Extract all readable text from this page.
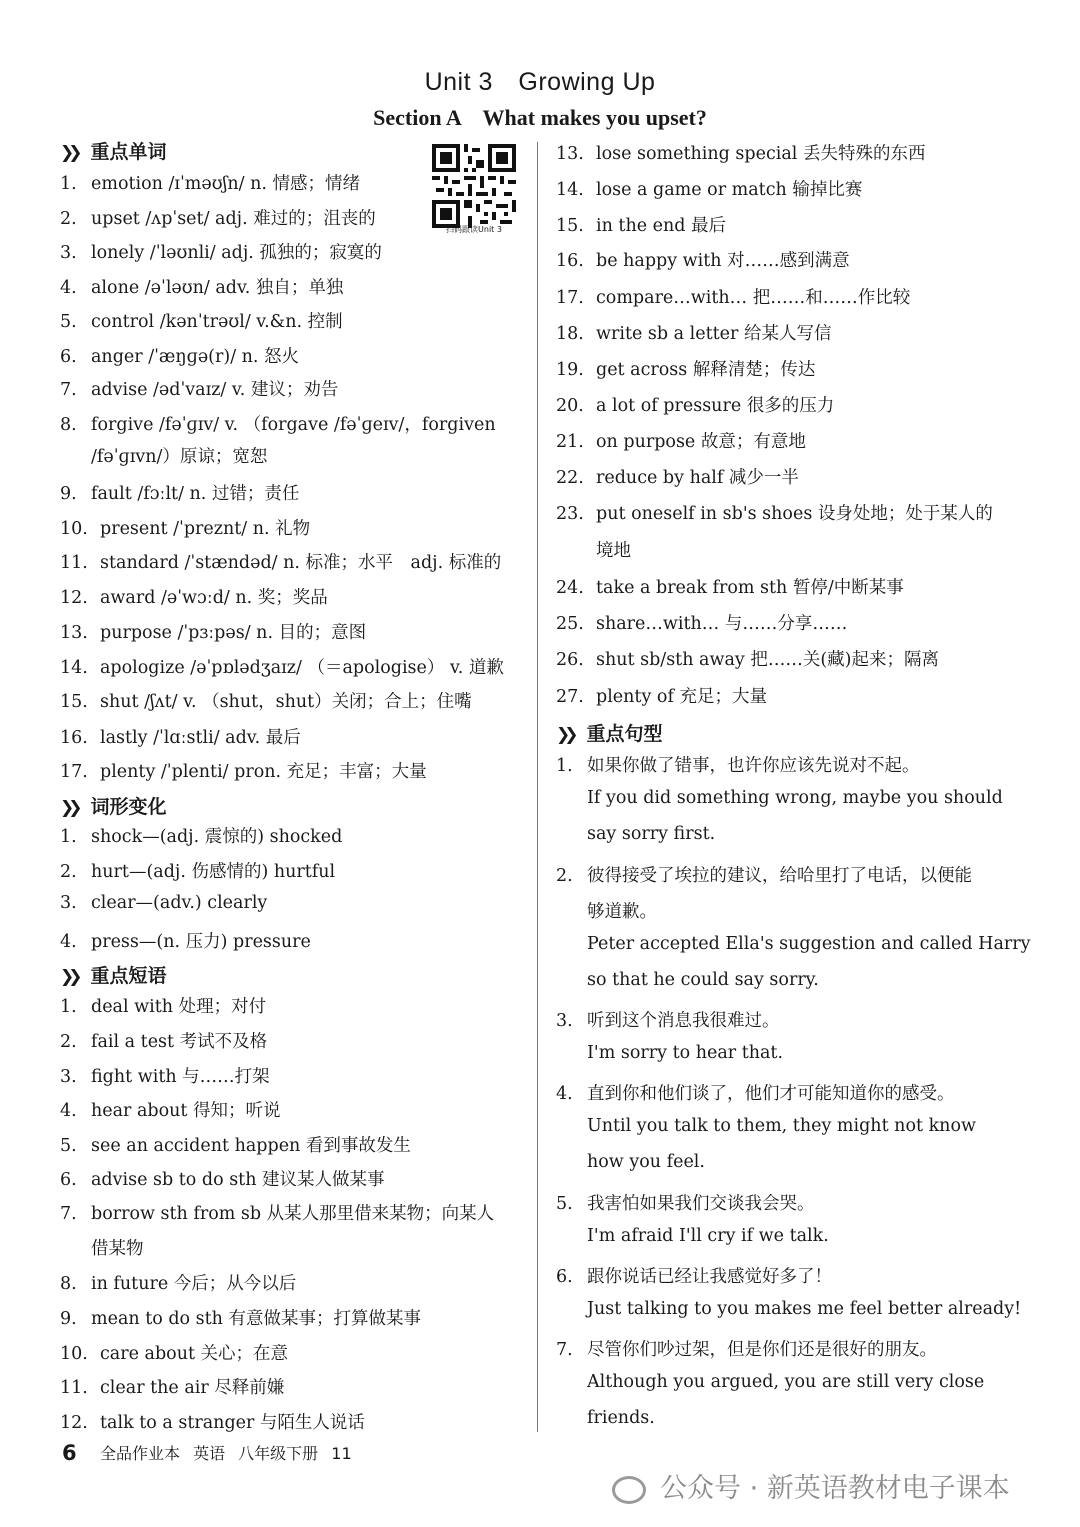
Unit 3　Growing Up
Section A　What makes you upset?
扫码跟读Unit 3
❯❯ 重点单词
1. emotion /ɪˈməʊʃn/ n. 情感；情绪
2. upset /ʌpˈset/ adj. 难过的；沮丧的
3. lonely /ˈləʊnli/ adj. 孤独的；寂寞的
4. alone /əˈləʊn/ adv. 独自；单独
5. control /kənˈtrəʊl/ v.&n. 控制
6. anger /ˈæŋɡə(r)/ n. 怒火
7. advise /ədˈvaɪz/ v. 建议；劝告
8. forgive /fəˈɡɪv/ v. （forgave /fəˈɡeɪv/，forgiven
9. fault /fɔːlt/ n. 过错；责任
10. present /ˈpreznt/ n. 礼物
11. standard /ˈstændəd/ n. 标准；水平　adj. 标准的
12. award /əˈwɔːd/ n. 奖；奖品
13. purpose /ˈpɜːpəs/ n. 目的；意图
14. apologize /əˈpɒlədʒaɪz/ （＝apologise） v. 道歉
15. shut /ʃʌt/ v. （shut，shut）关闭；合上；住嘴
16. lastly /ˈlɑːstli/ adv. 最后
17. plenty /ˈplenti/ pron. 充足；丰富；大量
/fəˈɡɪvn/）原谅；宽恕
❯❯ 词形变化
1. shock—(adj. 震惊的) shocked
2. hurt—(adj. 伤感情的) hurtful
3. clear—(adv.) clearly
4. press—(n. 压力) pressure
❯❯ 重点短语
1. deal with 处理；对付
2. fail a test 考试不及格
3. fight with 与……打架
4. hear about 得知；听说
5. see an accident happen 看到事故发生
6. advise sb to do sth 建议某人做某事
7. borrow sth from sb 从某人那里借来某物；向某人
8. in future 今后；从今以后
9. mean to do sth 有意做某事；打算做某事
10. care about 关心；在意
11. clear the air 尽释前嫌
12. talk to a stranger 与陌生人说话
借某物
13. lose something special 丢失特殊的东西
14. lose a game or match 输掉比赛
15. in the end 最后
16. be happy with 对……感到满意
17. compare…with… 把……和……作比较
18. write sb a letter 给某人写信
19. get across 解释清楚；传达
20. a lot of pressure 很多的压力
21. on purpose 故意；有意地
22. reduce by half 减少一半
23. put oneself in sb's shoes 设身处地；处于某人的
24. take a break from sth 暂停/中断某事
25. share…with… 与……分享……
26. shut sb/sth away 把……关(藏)起来；隔离
27. plenty of 充足；大量
境地
❯❯ 重点句型
1. 如果你做了错事，也许你应该先说对不起。
If you did something wrong, maybe you should
say sorry first.
2. 彼得接受了埃拉的建议，给哈里打了电话，以便能
够道歉。
Peter accepted Ella's suggestion and called Harry
so that he could say sorry.
3. 听到这个消息我很难过。
I'm sorry to hear that.
4. 直到你和他们谈了，他们才可能知道你的感受。
Until you talk to them, they might not know
how you feel.
5. 我害怕如果我们交谈我会哭。
I'm afraid I'll cry if we talk.
6. 跟你说话已经让我感觉好多了！
Just talking to you makes me feel better already!
7. 尽管你们吵过架，但是你们还是很好的朋友。
Although you argued, you are still very close
friends.
6 全品作业本 英语 八年级下册 11
公众号 · 新英语教材电子课本
